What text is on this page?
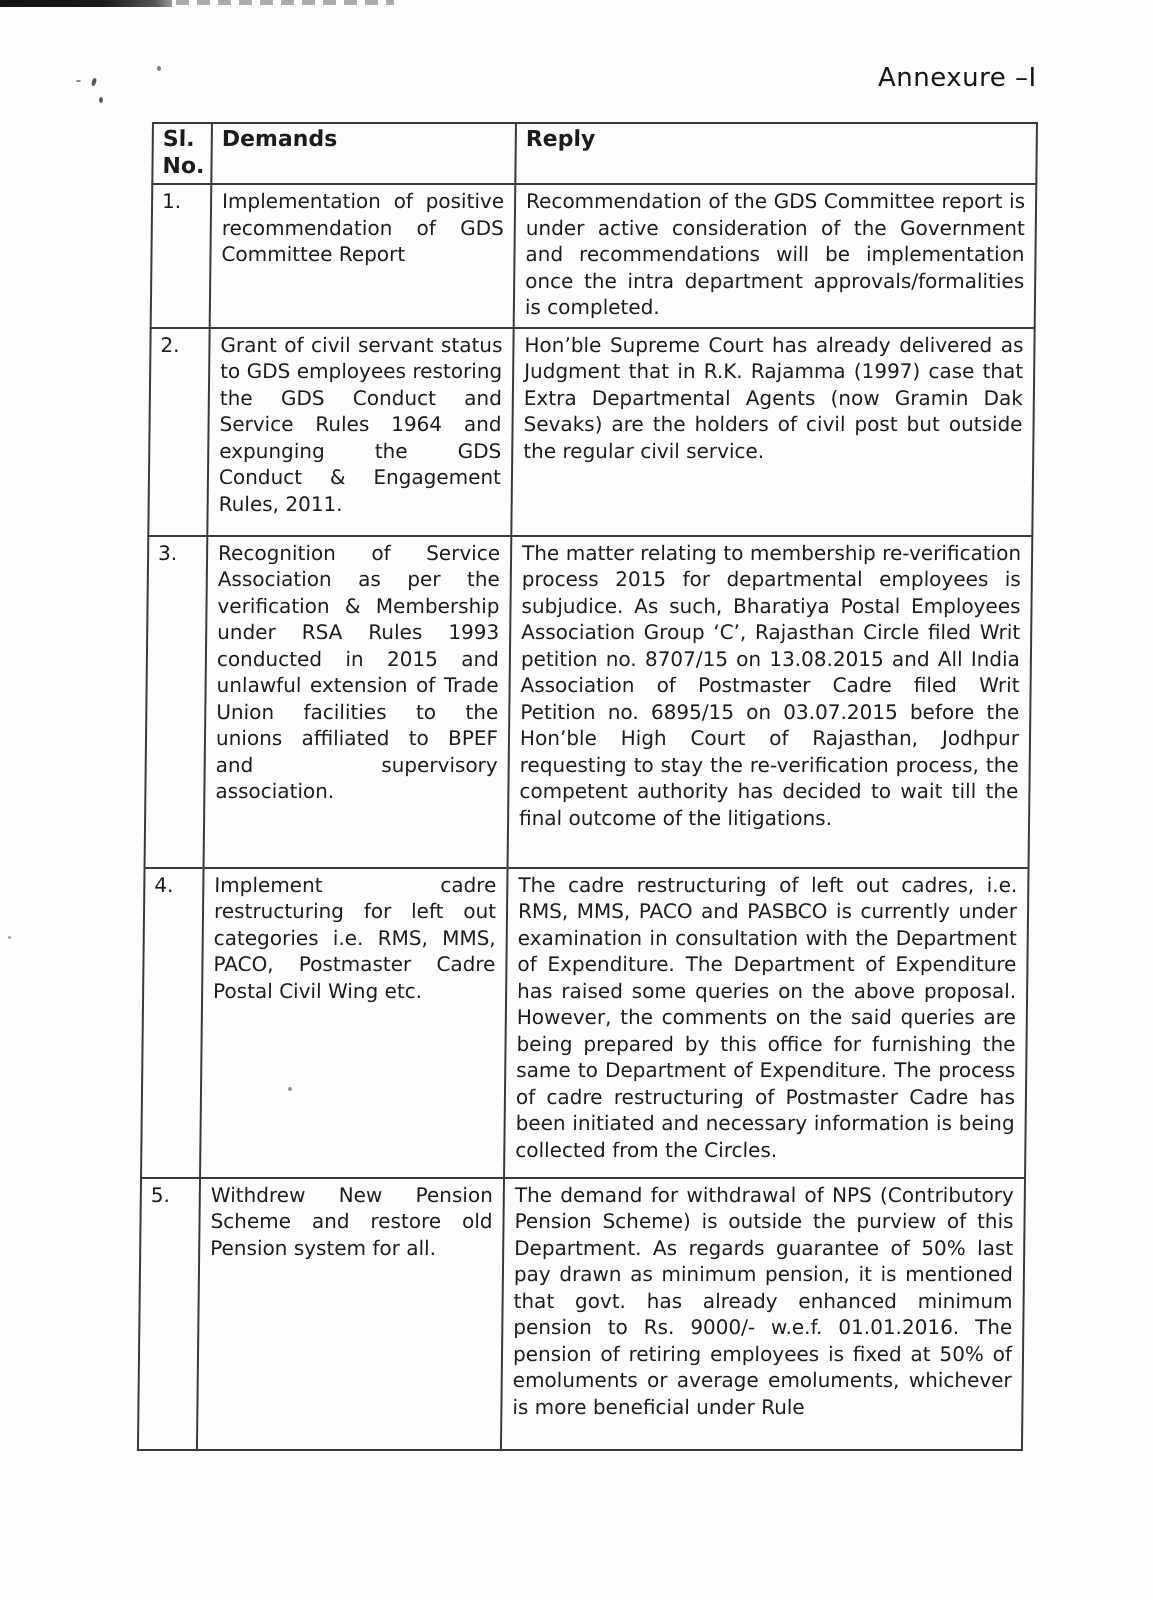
Annexure –I
Sl. No.	Demands	Reply
1.	Implementation of positive recommendation of GDS Committee Report	Recommendation of the GDS Committee report is under active consideration of the Government and recommendations will be implementation once the intra department approvals/formalities is completed.
2.	Grant of civil servant status to GDS employees restoring the GDS Conduct and Service Rules 1964 and expunging the GDS Conduct & Engagement Rules, 2011.	Hon’ble Supreme Court has already delivered as Judgment that in R.K. Rajamma (1997) case that Extra Departmental Agents (now Gramin Dak Sevaks) are the holders of civil post but outside the regular civil service.
3.	Recognition of Service Association as per the verification & Membership under RSA Rules 1993 conducted in 2015 and unlawful extension of Trade Union facilities to the unions affiliated to BPEF and supervisory association.	The matter relating to membership re-verification process 2015 for departmental employees is subjudice. As such, Bharatiya Postal Employees Association Group ‘C’, Rajasthan Circle filed Writ petition no. 8707/15 on 13.08.2015 and All India Association of Postmaster Cadre filed Writ Petition no. 6895/15 on 03.07.2015 before the Hon’ble High Court of Rajasthan, Jodhpur requesting to stay the re-verification process, the competent authority has decided to wait till the final outcome of the litigations.
4.	Implement cadre restructuring for left out categories i.e. RMS, MMS, PACO, Postmaster Cadre Postal Civil Wing etc.	The cadre restructuring of left out cadres, i.e. RMS, MMS, PACO and PASBCO is currently under examination in consultation with the Department of Expenditure. The Department of Expenditure has raised some queries on the above proposal. However, the comments on the said queries are being prepared by this office for furnishing the same to Department of Expenditure. The process of cadre restructuring of Postmaster Cadre has been initiated and necessary information is being collected from the Circles.
5.	Withdrew New Pension Scheme and restore old Pension system for all.	The demand for withdrawal of NPS (Contributory Pension Scheme) is outside the purview of this Department. As regards guarantee of 50% last pay drawn as minimum pension, it is mentioned that govt. has already enhanced minimum pension to Rs. 9000/- w.e.f. 01.01.2016. The pension of retiring employees is fixed at 50% of emoluments or average emoluments, whichever is more beneficial under Rule
